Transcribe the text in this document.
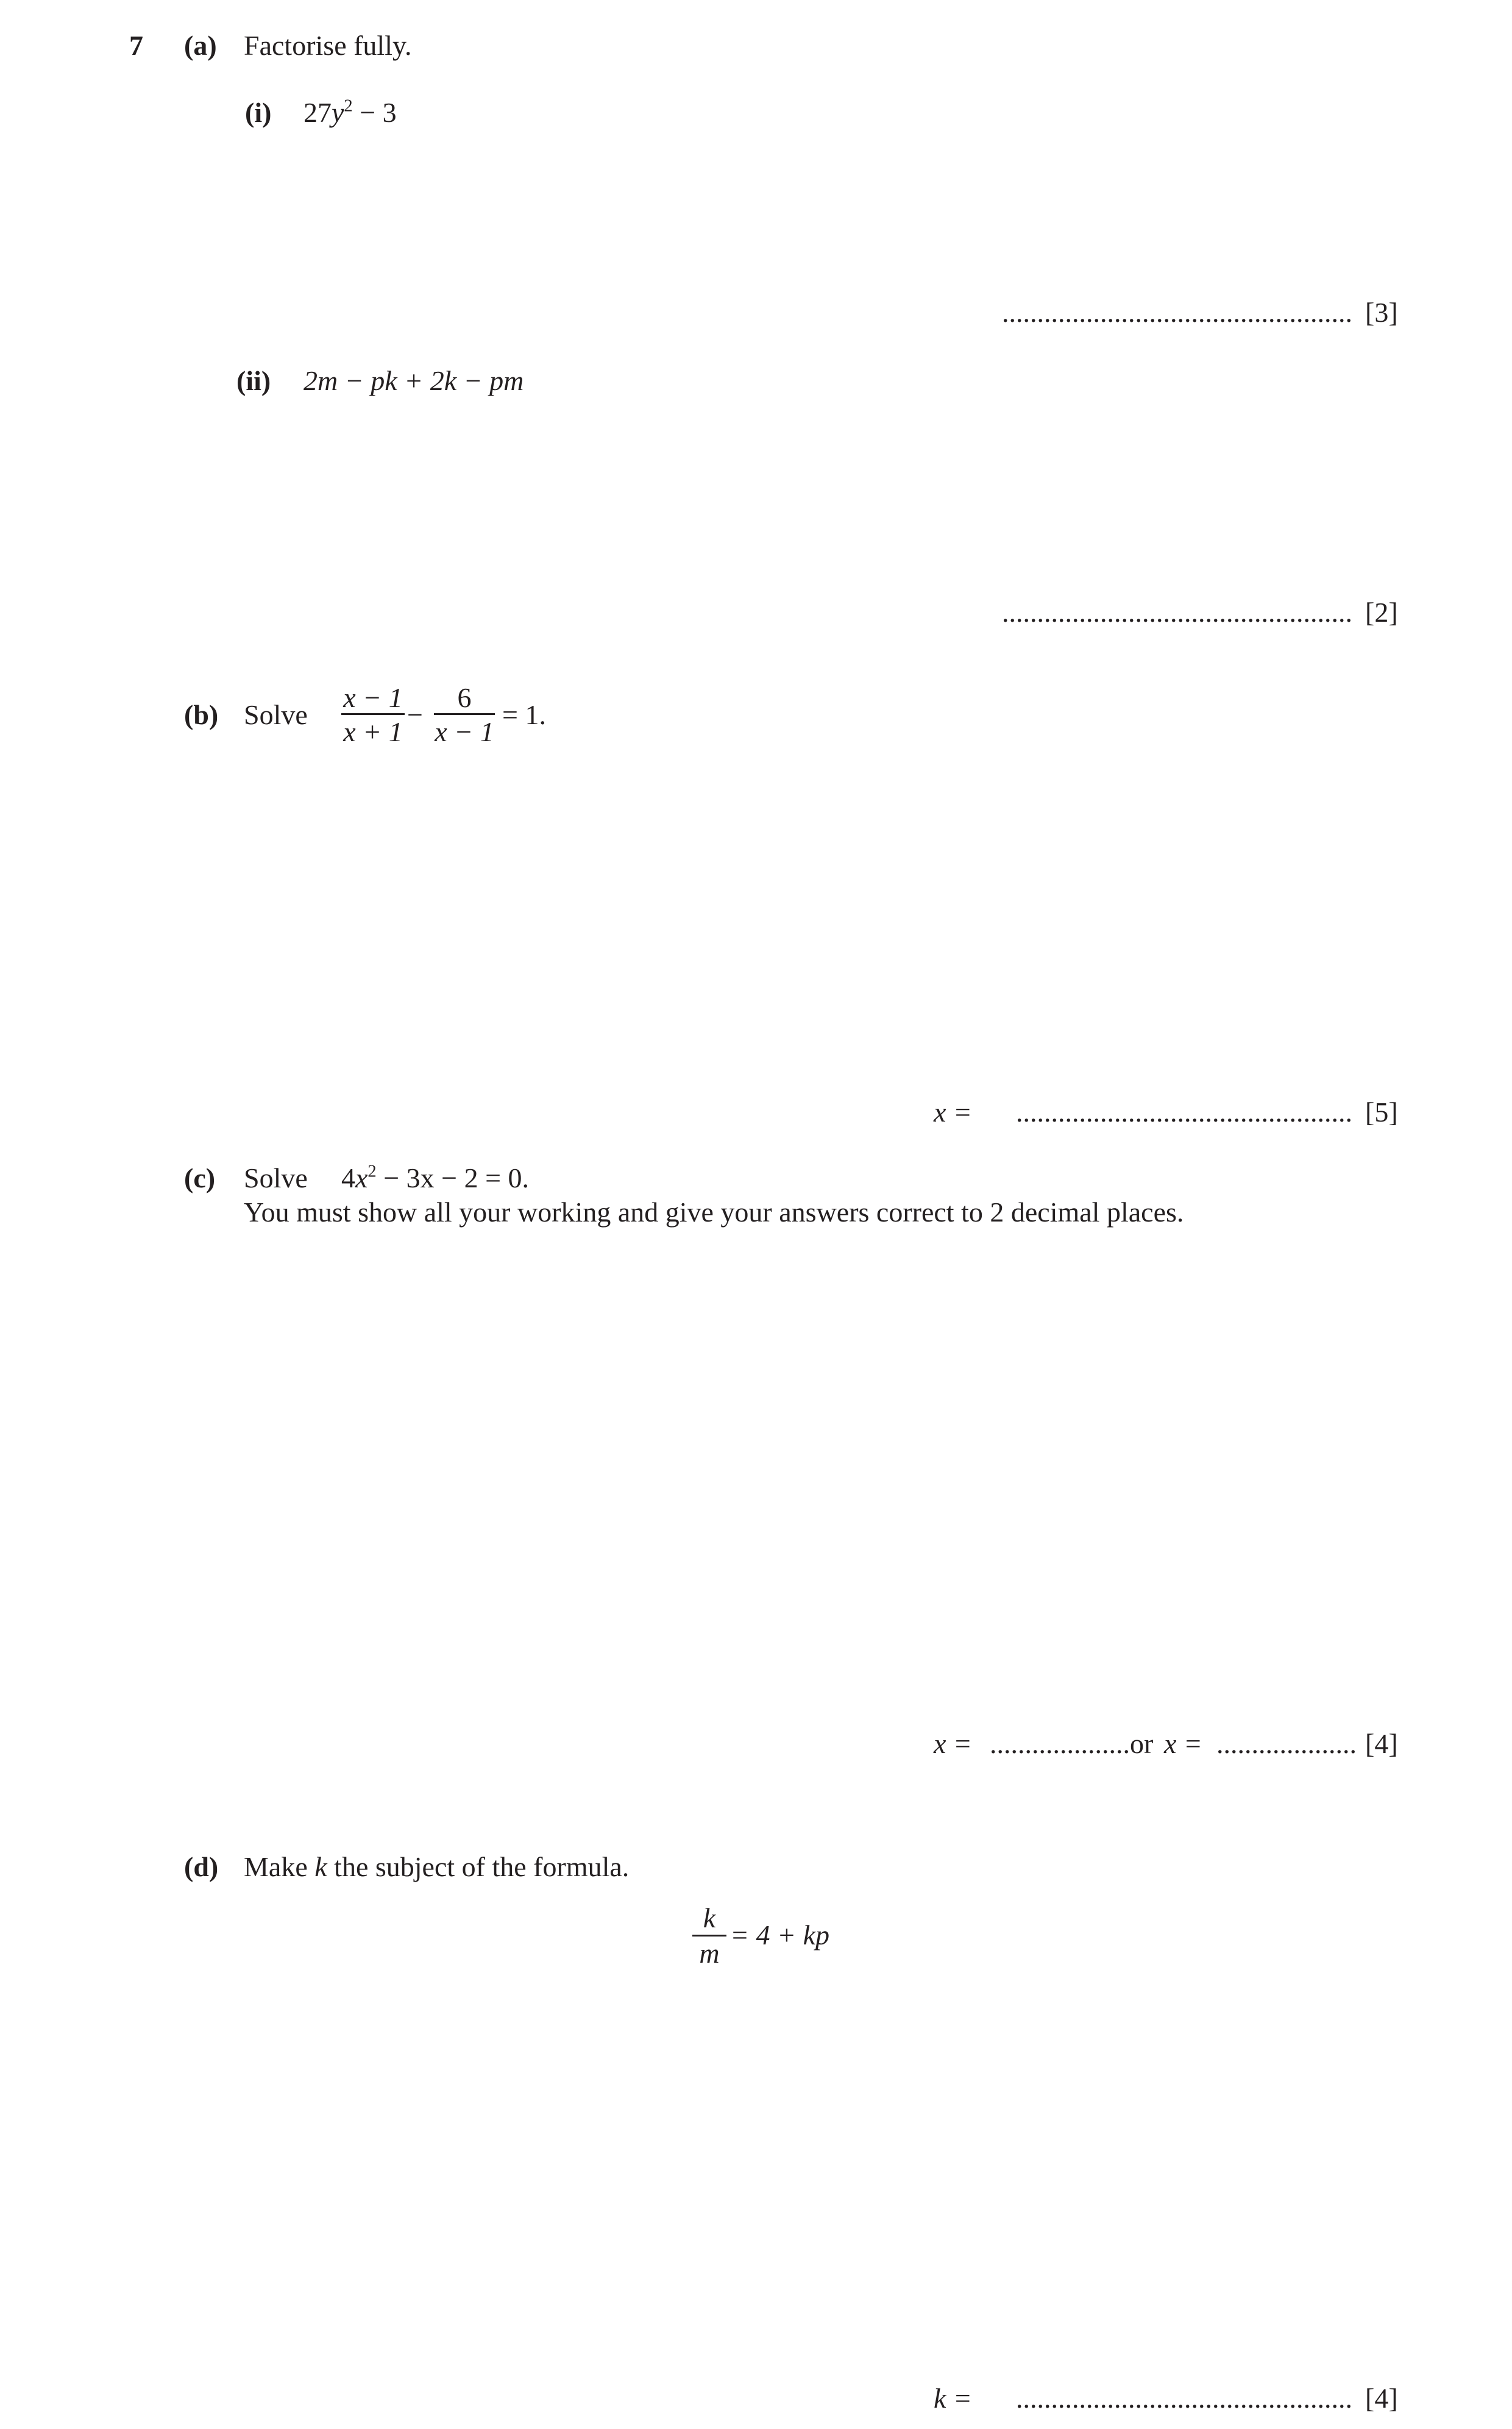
7 (a) Factorise fully.
(i) $27y^2 - 3$
.................................................. [3]
(ii) 2m − pk + 2k − pm
.................................................. [2]
(b) Solve
x − 1
x + 1
−
6
x − 1
= 1.
x = ................................................ [5]
(c) Solve $4x^2 - 3x - 2 = 0$.
You must show all your working and give your answers correct to 2 decimal places.
x = .................... or x = .................... [4]
(d) Make k the subject of the formula.
k
m
= 4 + kp
k = ................................................ [4]
